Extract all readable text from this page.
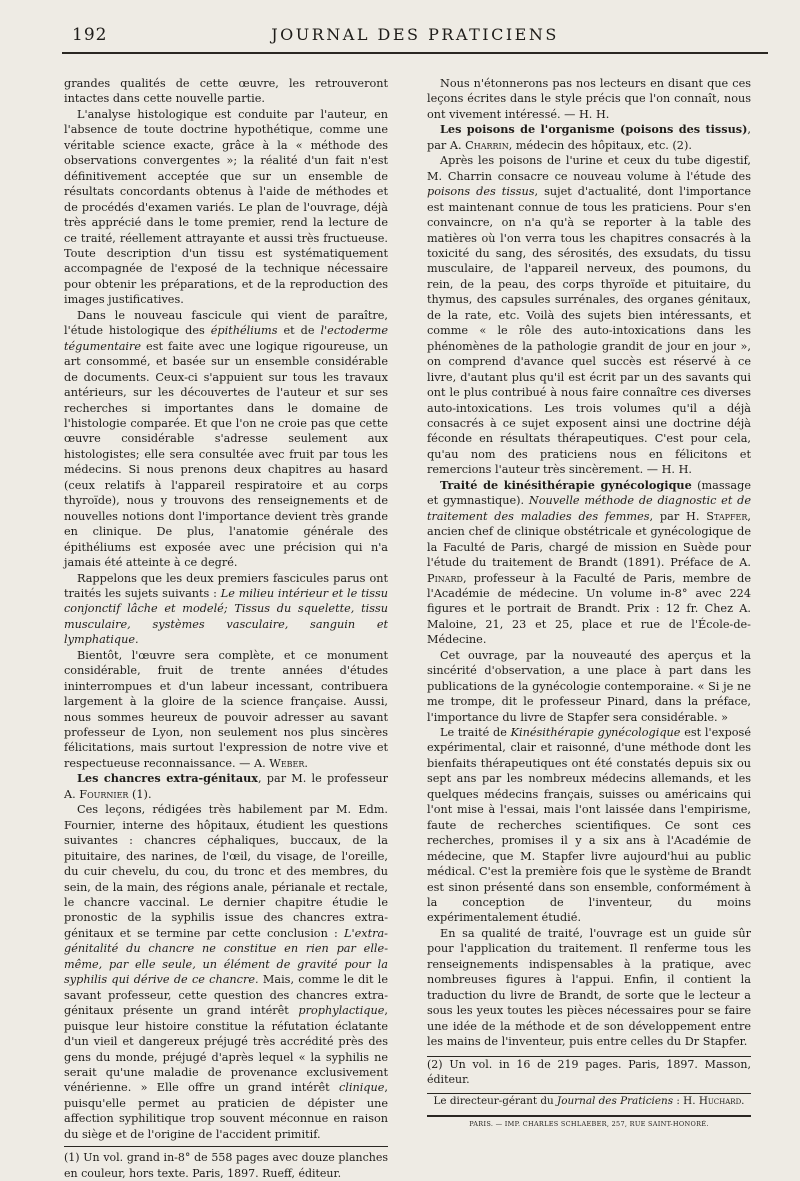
192	JOURNAL DES PRATICIENS

grandes qualités de cette œuvre, les retrouveront intactes dans cette nouvelle partie.

L'analyse histologique est conduite par l'auteur, en l'absence de toute doctrine hypothétique, comme une véritable science exacte, grâce à la « méthode des observations convergentes »; la réalité d'un fait n'est définitivement acceptée que sur un ensemble de résultats concordants obtenus à l'aide de méthodes et de procédés d'examen variés. Le plan de l'ouvrage, déjà très apprécié dans le tome premier, rend la lecture de ce traité, réellement attrayante et aussi très fructueuse. Toute description d'un tissu est systématiquement accompagnée de l'exposé de la technique nécessaire pour obtenir les préparations, et de la reproduction des images justificatives.

Dans le nouveau fascicule qui vient de paraître, l'étude histologique des épithéliums et de l'ectoderme tégumentaire est faite avec une logique rigoureuse, un art consommé, et basée sur un ensemble considérable de documents. Ceux-ci s'appuient sur tous les travaux antérieurs, sur les découvertes de l'auteur et sur ses recherches si importantes dans le domaine de l'histologie comparée. Et que l'on ne croie pas que cette œuvre considérable s'adresse seulement aux histologistes; elle sera consultée avec fruit par tous les médecins. Si nous prenons deux chapitres au hasard (ceux relatifs à l'appareil respiratoire et au corps thyroïde), nous y trouvons des renseignements et de nouvelles notions dont l'importance devient très grande en clinique. De plus, l'anatomie générale des épithéliums est exposée avec une précision qui n'a jamais été atteinte à ce degré.

Rappelons que les deux premiers fascicules parus ont traités les sujets suivants : Le milieu intérieur et le tissu conjonctif lâche et modelé; Tissus du squelette, tissu musculaire, systèmes vasculaire, sanguin et lymphatique.

Bientôt, l'œuvre sera complète, et ce monument considérable, fruit de trente années d'études ininterrompues et d'un labeur incessant, contribuera largement à la gloire de la science française. Aussi, nous sommes heureux de pouvoir adresser au savant professeur de Lyon, non seulement nos plus sincères félicitations, mais surtout l'expression de notre vive et respectueuse reconnaissance. — A. Weber.

Les chancres extra-génitaux, par M. le professeur A. Fournier (1).

Ces leçons, rédigées très habilement par M. Edm. Fournier, interne des hôpitaux, étudient les questions suivantes : chancres céphaliques, buccaux, de la pituitaire, des narines, de l'œil, du visage, de l'oreille, du cuir chevelu, du cou, du tronc et des membres, du sein, de la main, des régions anale, périanale et rectale, le chancre vaccinal. Le dernier chapitre étudie le pronostic de la syphilis issue des chancres extra-génitaux et se termine par cette conclusion : L'extra-génitalité du chancre ne constitue en rien par elle-même, par elle seule, un élément de gravité pour la syphilis qui dérive de ce chancre. Mais, comme le dit le savant professeur, cette question des chancres extra-génitaux présente un grand intérêt prophylactique, puisque leur histoire constitue la réfutation éclatante d'un vieil et dangereux préjugé très accrédité près des gens du monde, préjugé d'après lequel « la syphilis ne serait qu'une maladie de provenance exclusivement vénérienne. » Elle offre un grand intérêt clinique, puisqu'elle permet au praticien de dépister une affection syphilitique trop souvent méconnue en raison du siège et de l'origine de l'accident primitif.

(1) Un vol. grand in-8° de 558 pages avec douze planches en couleur, hors texte. Paris, 1897. Rueff, éditeur.

Nous n'étonnerons pas nos lecteurs en disant que ces leçons écrites dans le style précis que l'on connaît, nous ont vivement intéressé. — H. H.

Les poisons de l'organisme (poisons des tissus), par A. Charrin, médecin des hôpitaux, etc. (2).

Après les poisons de l'urine et ceux du tube digestif, M. Charrin consacre ce nouveau volume à l'étude des poisons des tissus, sujet d'actualité, dont l'importance est maintenant connue de tous les praticiens. Pour s'en convaincre, on n'a qu'à se reporter à la table des matières où l'on verra tous les chapitres consacrés à la toxicité du sang, des sérosités, des exsudats, du tissu musculaire, de l'appareil nerveux, des poumons, du rein, de la peau, des corps thyroïde et pituitaire, du thymus, des capsules surrénales, des organes génitaux, de la rate, etc. Voilà des sujets bien intéressants, et comme « le rôle des auto-intoxications dans les phénomènes de la pathologie grandit de jour en jour », on comprend d'avance quel succès est réservé à ce livre, d'autant plus qu'il est écrit par un des savants qui ont le plus contribué à nous faire connaître ces diverses auto-intoxications. Les trois volumes qu'il a déjà consacrés à ce sujet exposent ainsi une doctrine déjà féconde en résultats thérapeutiques. C'est pour cela, qu'au nom des praticiens nous en félicitons et remercions l'auteur très sincèrement. — H. H.

Traité de kinésithérapie gynécologique (massage et gymnastique). Nouvelle méthode de diagnostic et de traitement des maladies des femmes, par H. Stapfer, ancien chef de clinique obstétricale et gynécologique de la Faculté de Paris, chargé de mission en Suède pour l'étude du traitement de Brandt (1891). Préface de A. Pinard, professeur à la Faculté de Paris, membre de l'Académie de médecine. Un volume in-8° avec 224 figures et le portrait de Brandt. Prix : 12 fr. Chez A. Maloine, 21, 23 et 25, place et rue de l'École-de-Médecine.

Cet ouvrage, par la nouveauté des aperçus et la sincérité d'observation, a une place à part dans les publications de la gynécologie contemporaine. « Si je ne me trompe, dit le professeur Pinard, dans la préface, l'importance du livre de Stapfer sera considérable. »

Le traité de Kinésithérapie gynécologique est l'exposé expérimental, clair et raisonné, d'une méthode dont les bienfaits thérapeutiques ont été constatés depuis six ou sept ans par les nombreux médecins allemands, et les quelques médecins français, suisses ou américains qui l'ont mise à l'essai, mais l'ont laissée dans l'empirisme, faute de recherches scientifiques. Ce sont ces recherches, promises il y a six ans à l'Académie de médecine, que M. Stapfer livre aujourd'hui au public médical. C'est la première fois que le système de Brandt est sinon présenté dans son ensemble, conformément à la conception de l'inventeur, du moins expérimentalement étudié.

En sa qualité de traité, l'ouvrage est un guide sûr pour l'application du traitement. Il renferme tous les renseignements indispensables à la pratique, avec nombreuses figures à l'appui. Enfin, il contient la traduction du livre de Brandt, de sorte que le lecteur a sous les yeux toutes les pièces nécessaires pour se faire une idée de la méthode et de son développement entre les mains de l'inventeur, puis entre celles du Dr Stapfer.

(2) Un vol. in 16 de 219 pages. Paris, 1897. Masson, éditeur.

Le directeur-gérant du Journal des Praticiens : H. Huchard.

PARIS. — IMP. CHARLES SCHLAEBER, 257, RUE SAINT-HONORÉ.
